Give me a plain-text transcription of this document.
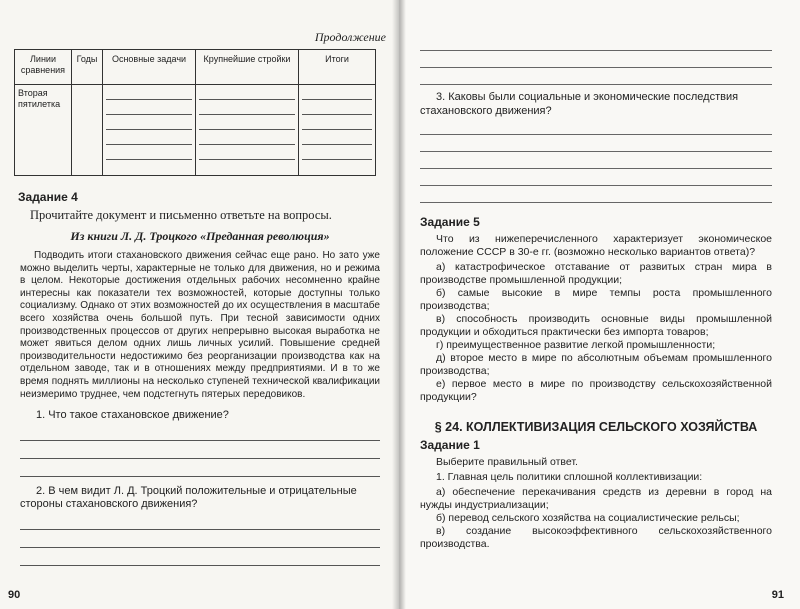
Продолжение
Линии сравнения	Годы	Основные задачи	Крупнейшие стройки	Итоги
Вторая пятилетка		

Задание 4
Прочитайте документ и письменно ответьте на вопросы.
Из книги Л. Д. Троцкого «Преданная революция»
Подводить итоги стахановского движения сейчас еще рано. Но зато уже можно выделить черты, характерные не только для движения, но и режима в целом. Некоторые достижения отдельных рабочих несомненно крайне интересны как показатели тех возможностей, которые доступны только социализму. Однако от этих возможностей до их осуществления в масштабе всего хозяйства очень большой путь. При тесной зависимости одних производственных процессов от других непрерывно высокая выработка не может явиться делом одних лишь личных усилий. Повышение средней производительности недостижимо без реорганизации производства как на отдельном заводе, так и в отношениях между предприятиями. И в то же время поднять миллионы на несколько ступеней технической квалификации неизмеримо труднее, чем подстегнуть пятерых передовиков.
1. Что такое стахановское движение?
2. В чем видит Л. Д. Троцкий положительные и отрицательные стороны стахановского движения?
90
3. Каковы были социальные и экономические последствия стахановского движения?
Задание 5
Что из нижеперечисленного характеризует экономическое положение СССР в 30-е гг. (возможно несколько вариантов ответа)?
а) катастрофическое отставание от развитых стран мира в производстве промышленной продукции;
б) самые высокие в мире темпы роста промышленного производства;
в) способность производить основные виды промышленной продукции и обходиться практически без импорта товаров;
г) преимущественное развитие легкой промышленности;
д) второе место в мире по абсолютным объемам промышленного производства;
е) первое место в мире по производству сельскохозяйственной продукции?
§ 24. КОЛЛЕКТИВИЗАЦИЯ СЕЛЬСКОГО ХОЗЯЙСТВА
Задание 1
Выберите правильный ответ.
1. Главная цель политики сплошной коллективизации:
а) обеспечение перекачивания средств из деревни в город на нужды индустриализации;
б) перевод сельского хозяйства на социалистические рельсы;
в) создание высокоэффективного сельскохозяйственного производства.
91
